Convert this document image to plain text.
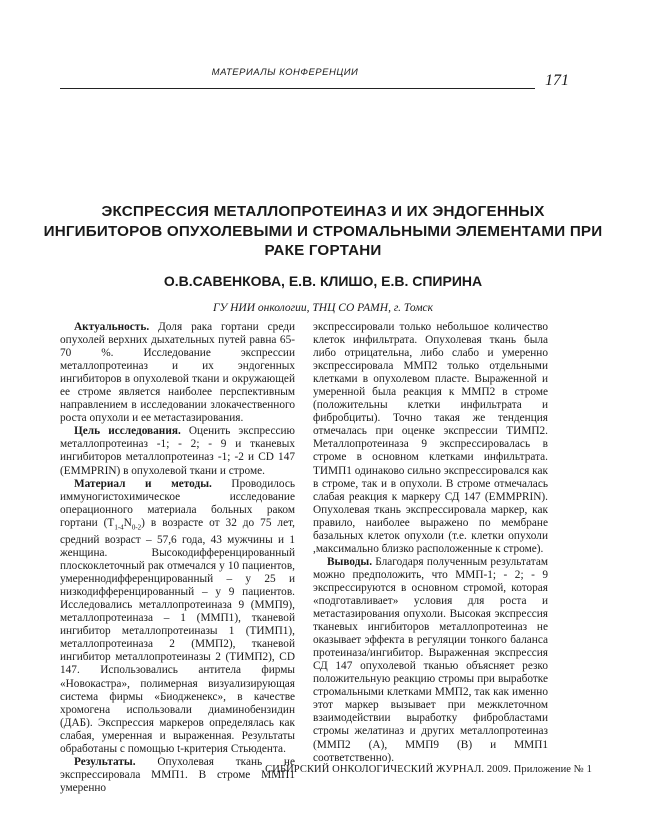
МАТЕРИАЛЫ КОНФЕРЕНЦИИ	171
ЭКСПРЕССИЯ МЕТАЛЛОПРОТЕИНАЗ И ИХ ЭНДОГЕННЫХ ИНГИБИТОРОВ ОПУХОЛЕВЫМИ И СТРОМАЛЬНЫМИ ЭЛЕМЕНТАМИ ПРИ РАКЕ ГОРТАНИ

О.В.САВЕНКОВА, Е.В. КЛИШО, Е.В. СПИРИНА

ГУ НИИ онкологии, ТНЦ СО РАМН, г. Томск

Актуальность. Доля рака гортани среди опухолей верхних дыхательных путей равна 65-70 %. Исследование экспрессии металлопротеиназ и их эндогенных ингибиторов в опухолевой ткани и окружающей ее строме является наиболее перспективным направлением в исследовании злокачественного роста опухоли и ее метастазирования.

Цель исследования. Оценить экспрессию металлопротеиназ -1; - 2; - 9 и тканевых ингибиторов металлопротеиназ -1; -2 и CD 147 (EMMPRIN) в опухолевой ткани и строме.

Материал и методы. Проводилось иммуногистохимическое исследование операционного материала больных раком гортани $(T_{1-4}N_{0-2})$ в возрасте от 32 до 75 лет, средний возраст – 57,6 года, 43 мужчины и 1 женщина. Высокодифференцированный плоскоклеточный рак отмечался у 10 пациентов, умереннодифференцированный – у 25 и низкодифференцированный – у 9 пациентов. Исследовались металлопротеиназа 9 (ММП9), металлопротеиназа – 1 (ММП1), тканевой ингибитор металлопротеиназы 1 (ТИМП1), металлопротеиназа 2 (ММП2), тканевой ингибитор металлопротеиназы 2 (ТИМП2), CD 147. Использовались антитела фирмы «Новокастра», полимерная визуализирующая система фирмы «Биодженекс», в качестве хромогена использовали диаминобензидин (ДАБ). Экспрессия маркеров определялась как слабая, умеренная и выраженная. Результаты обработаны с помощью t-критерия Стьюдента.

Результаты. Опухолевая ткань не экспрессировала ММП1. В строме ММП1 умеренно

экспрессировали только небольшое количество клеток инфильтрата. Опухолевая ткань была либо отрицательна, либо слабо и умеренно экспрессировала ММП2 только отдельными клетками в опухолевом пласте. Выраженной и умеренной была реакция к ММП2 в строме (положительны клетки инфильтрата и фибробциты). Точно такая же тенденция отмечалась при оценке экспрессии ТИМП2. Металлопротеиназа 9 экспрессировалась в строме в основном клетками инфильтрата. ТИМП1 одинаково сильно экспрессировался как в строме, так и в опухоли. В строме отмечалась слабая реакция к маркеру СД 147 (EMMPRIN). Опухолевая ткань экспрессировала маркер, как правило, наиболее выражено по мембране базальных клеток опухоли (т.е. клетки опухоли ,максимально близко расположенные к строме).

Выводы. Благодаря полученным результатам можно предположить, что ММП-1; - 2; - 9 экспрессируются в основном стромой, которая «подготавливает» условия для роста и метастазирования опухоли. Высокая экспрессия тканевых ингибиторов металлопротеиназ не оказывает эффекта в регуляции тонкого баланса протеиназа/ингибитор. Выраженная экспрессия СД 147 опухолевой тканью объясняет резко положительную реакцию стромы при выработке стромальными клетками ММП2, так как именно этот маркер вызывает при межклеточном взаимодействии выработку фибробластами стромы желатиназ и других металлопротеиназ (ММП2 (А), ММП9 (В) и ММП1 соответственно).

СИБИРСКИЙ ОНКОЛОГИЧЕСКИЙ ЖУРНАЛ. 2009. Приложение № 1
